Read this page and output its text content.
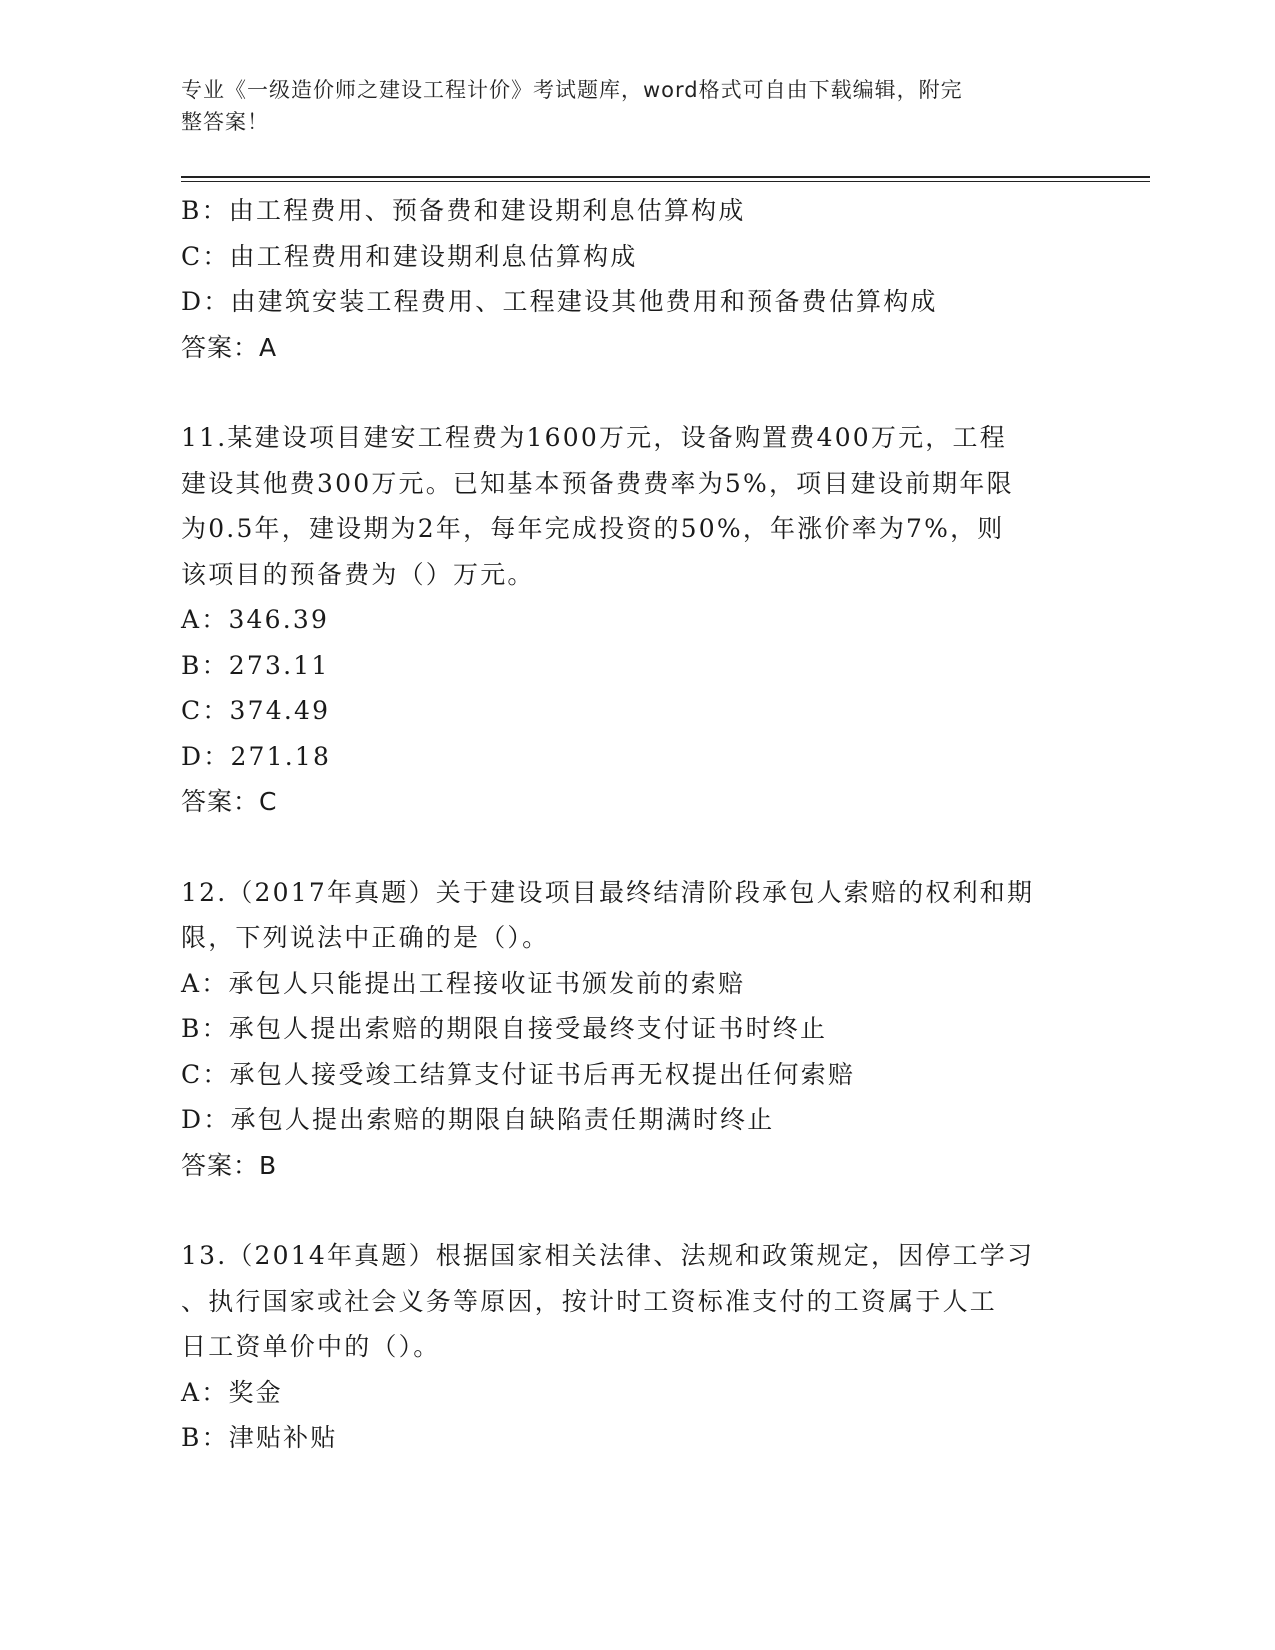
专业《一级造价师之建设工程计价》考试题库，word格式可自由下载编辑，附完
整答案！
B：由工程费用、预备费和建设期利息估算构成
C：由工程费用和建设期利息估算构成
D：由建筑安装工程费用、工程建设其他费用和预备费估算构成
答案：A
11.某建设项目建安工程费为1600万元，设备购置费400万元，工程
建设其他费300万元。已知基本预备费费率为5%，项目建设前期年限
为0.5年，建设期为2年，每年完成投资的50%，年涨价率为7%，则
该项目的预备费为（）万元。
A：346.39
B：273.11
C：374.49
D：271.18
答案：C
12.（2017年真题）关于建设项目最终结清阶段承包人索赔的权利和期
限，下列说法中正确的是（）。
A：承包人只能提出工程接收证书颁发前的索赔
B：承包人提出索赔的期限自接受最终支付证书时终止
C：承包人接受竣工结算支付证书后再无权提出任何索赔
D：承包人提出索赔的期限自缺陷责任期满时终止
答案：B
13.（2014年真题）根据国家相关法律、法规和政策规定，因停工学习
、执行国家或社会义务等原因，按计时工资标准支付的工资属于人工
日工资单价中的（）。
A：奖金
B：津贴补贴
